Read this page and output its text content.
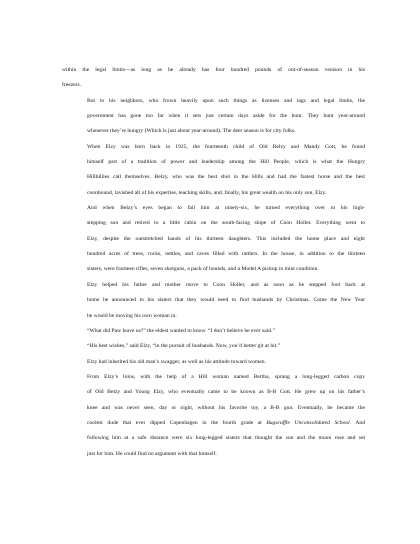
within the legal limits—as long as he already has four hundred pounds of out-of-season venison in his
freezers.
But to his neighbors, who frown heavily upon such things as licenses and tags and legal limits, the
government has gone too far when it sets just certain days aside for the hunt. They hunt year-around
whenever they’re hungry (Which is just about year-around). The deer season is for city folks.
When Elzy was born back in 1925, the fourteenth child of Old Belzy and Mandy Gott, he found
himself part of a tradition of power and leadership among the Hill People, which is what the Hungry
Hillbillies call themselves. Belzy, who was the best shot in the Hills and had the fastest horse and the best
coonhound, lavished all of his expertise, teaching skills, and, finally, his great wealth on his only son, Elzy.
And when Belzy’s eyes began to fail him at ninety-six, he turned everything over to his high-
stepping son and retired to a little cabin on the south-facing slope of Coon Holler. Everything went to
Elzy, despite the outstretched hands of his thirteen daughters. This included the home place and eight
hundred acres of trees, rocks, nettles, and caves filled with rattlers. In the house, in addition to the thirteen
sisters, were fourteen rifles, seven shotguns, a pack of hounds, and a Model A pickup in mint condition.
Elzy helped his father and mother move to Coon Holler, and as soon as he stepped foot back at
home he announced to his sisters that they would need to find husbands by Christmas. Come the New Year
he would be moving his own woman in.
“What did Paw leave us?” the eldest wanted to know. “I don’t believe he ever said.”
“His best wishes,” said Elzy, “in the pursuit of husbands. Now, you’d better git at hit.”
Elzy had inherited his old man’s swagger, as well as his attitude toward women.
From Elzy’s loins, with the help of a Hill woman named Bertha, sprang a long-legged carbon copy
of Old Belzy and Young Elzy, who eventually came to be known as B-B Gott. He grew up on his father’s
knee and was never seen, day or night, without his favorite toy, a B-B gun. Eventually, he became the
coolest dude that ever dipped Copenhagen in the fourth grade at Bugscuffle Unconsolidated School. And
following him at a safe distance were six long-legged sisters that thought the sun and the moon rose and set
just for him. He could find no argument with that himself.
